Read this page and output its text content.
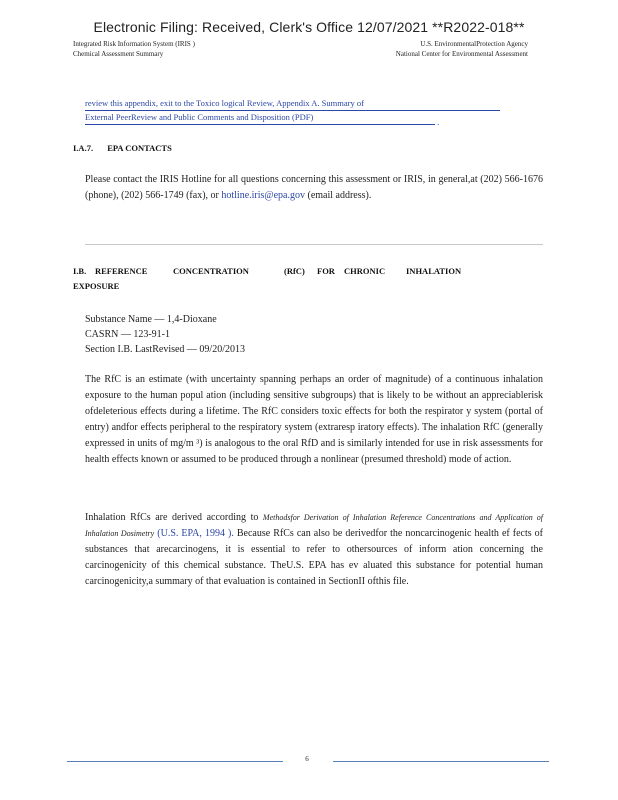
Electronic Filing: Received, Clerk's Office 12/07/2021 **R2022-018**
Integrated Risk Information System (IRIS )
Chemical Assessment Summary
U.S. EnvironmentalProtection Agency
National Center for Environmental Assessment
review this appendix, exit to the Toxico logical Review, Appendix A. Summary of
External PeerReview and Public Comments and Disposition (PDF)	.
I.A.7. EPA CONTACTS

Please contact the IRIS Hotline for all questions concerning this assessment or IRIS, in general,at (202) 566-1676 (phone), (202) 566-1749 (fax), or hotline.iris@epa.gov (email address).

I.B. REFERENCE	CONCENTRATION	(RfC) FOR CHRONIC INHALATION
EXPOSURE
Substance Name — 1,4-Dioxane
CASRN — 123-91-1
Section I.B. LastRevised — 09/20/2013

The RfC is an estimate (with uncertainty spanning perhaps an order of magnitude) of a continuous inhalation exposure to the human popul ation (including sensitive subgroups) that is likely to be without an appreciablerisk ofdeleterious effects during a lifetime. The RfC considers toxic effects for both the respirator y system (portal of entry) andfor effects peripheral to the respiratory system (extraresp iratory effects). The inhalation RfC (generally expressed in units of mg/m ³) is analogous to the oral RfD and is similarly intended for use in risk assessments for health effects known or assumed to be produced through a nonlinear (presumed threshold) mode of action.

Inhalation RfCs are derived according to Methodsfor Derivation of Inhalation Reference Concentrations and Application of Inhalation Dosimetry (U.S. EPA, 1994 ). Because RfCs can also be derivedfor the noncarcinogenic health ef fects of substances that arecarcinogens, it is essential to refer to othersources of inform ation concerning the carcinogenicity of this chemical substance. TheU.S. EPA has ev aluated this substance for potential human carcinogenicity,a summary of that evaluation is contained in SectionII ofthis file.

6
